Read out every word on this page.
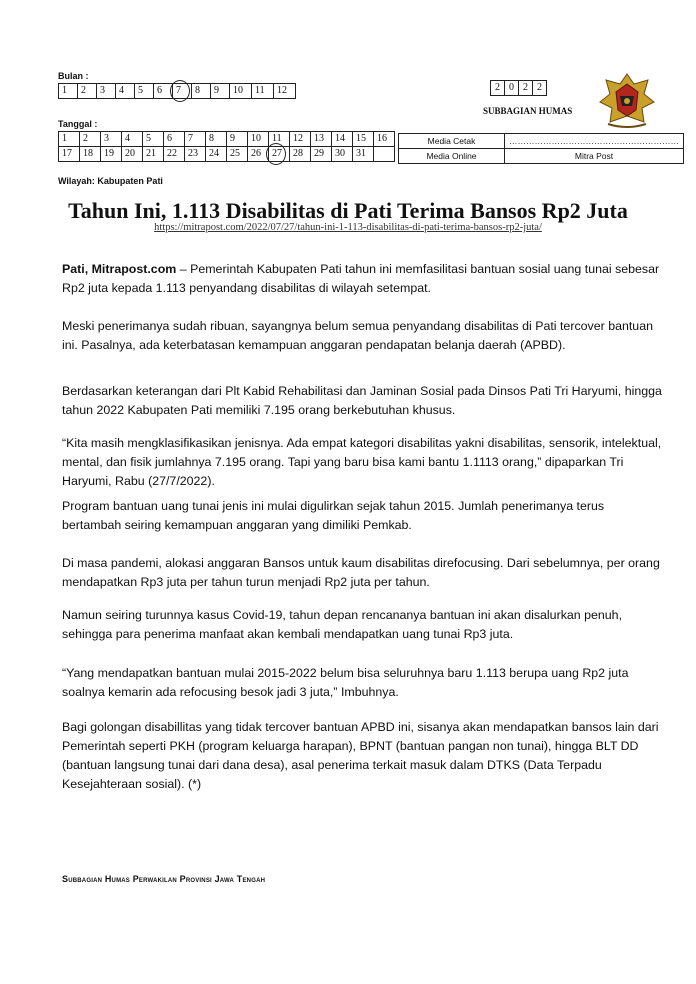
Bulan :
1	2	3	4	5	6	7	8	9	10	11	12
Tanggal :
1	2	3	4	5	6	7	8	9	10	11	12	13	14	15	16
17	18	19	20	21	22	23	24	25	26	27	28	29	30	31	
2	0	2	2
SUBBAGIAN HUMAS
Media Cetak	……………………………………………………
Media Online	Mitra Post
Wilayah: Kabupaten Pati
Tahun Ini, 1.113 Disabilitas di Pati Terima Bansos Rp2 Juta
https://mitrapost.com/2022/07/27/tahun-ini-1-113-disabilitas-di-pati-terima-bansos-rp2-juta/
Pati, Mitrapost.com – Pemerintah Kabupaten Pati tahun ini memfasilitasi bantuan sosial uang tunai sebesar Rp2 juta kepada 1.113 penyandang disabilitas di wilayah setempat.
Meski penerimanya sudah ribuan, sayangnya belum semua penyandang disabilitas di Pati tercover bantuan ini. Pasalnya, ada keterbatasan kemampuan anggaran pendapatan belanja daerah (APBD).
Berdasarkan keterangan dari Plt Kabid Rehabilitasi dan Jaminan Sosial pada Dinsos Pati Tri Haryumi, hingga tahun 2022 Kabupaten Pati memiliki 7.195 orang berkebutuhan khusus.
“Kita masih mengklasifikasikan jenisnya. Ada empat kategori disabilitas yakni disabilitas, sensorik, intelektual, mental, dan fisik jumlahnya 7.195 orang. Tapi yang baru bisa kami bantu 1.1113 orang,” dipaparkan Tri Haryumi, Rabu (27/7/2022).
Program bantuan uang tunai jenis ini mulai digulirkan sejak tahun 2015. Jumlah penerimanya terus bertambah seiring kemampuan anggaran yang dimiliki Pemkab.
Di masa pandemi, alokasi anggaran Bansos untuk kaum disabilitas direfocusing. Dari sebelumnya, per orang mendapatkan Rp3 juta per tahun turun menjadi Rp2 juta per tahun.
Namun seiring turunnya kasus Covid-19, tahun depan rencananya bantuan ini akan disalurkan penuh, sehingga para penerima manfaat akan kembali mendapatkan uang tunai Rp3 juta.
“Yang mendapatkan bantuan mulai 2015-2022 belum bisa seluruhnya baru 1.113 berupa uang Rp2 juta soalnya kemarin ada refocusing besok jadi 3 juta,” Imbuhnya.
Bagi golongan disabillitas yang tidak tercover bantuan APBD ini, sisanya akan mendapatkan bansos lain dari Pemerintah seperti PKH (program keluarga harapan), BPNT (bantuan pangan non tunai), hingga BLT DD (bantuan langsung tunai dari dana desa), asal penerima terkait masuk dalam DTKS (Data Terpadu Kesejahteraan sosial). (*)
Subbagian Humas Perwakilan Provinsi Jawa Tengah
